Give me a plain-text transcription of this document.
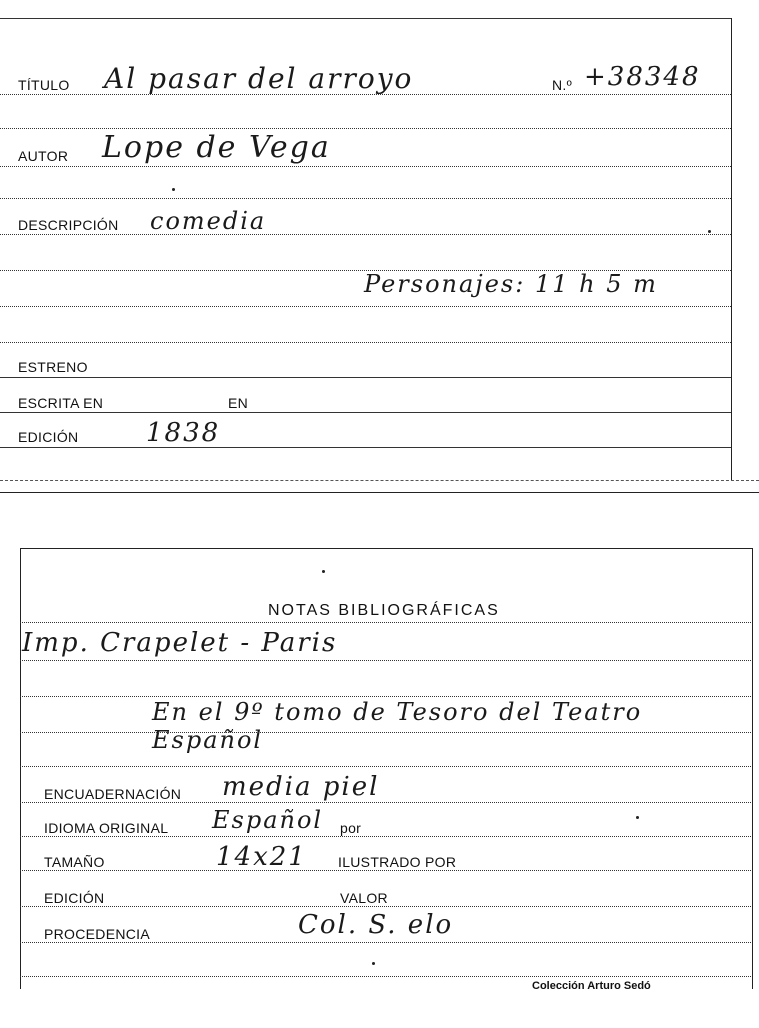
TÍTULO Al pasar del arroyo	N.º +38348
AUTOR Lope de Vega
DESCRIPCIÓN comedia
Personajes: 11 h 5 m
ESTRENO
ESCRITA EN	EN
EDICIÓN	1838
NOTAS BIBLIOGRÁFICAS
Imp. Crapelet - Paris
En el 9º tomo de Tesoro del Teatro Español
ENCUADERNACIÓN media piel
IDIOMA ORIGINAL Español por
TAMAÑO	14x21 ILUSTRADO POR
EDICIÓN	VALOR
PROCEDENCIA	Col. S. elo
Colección Arturo Sedó
